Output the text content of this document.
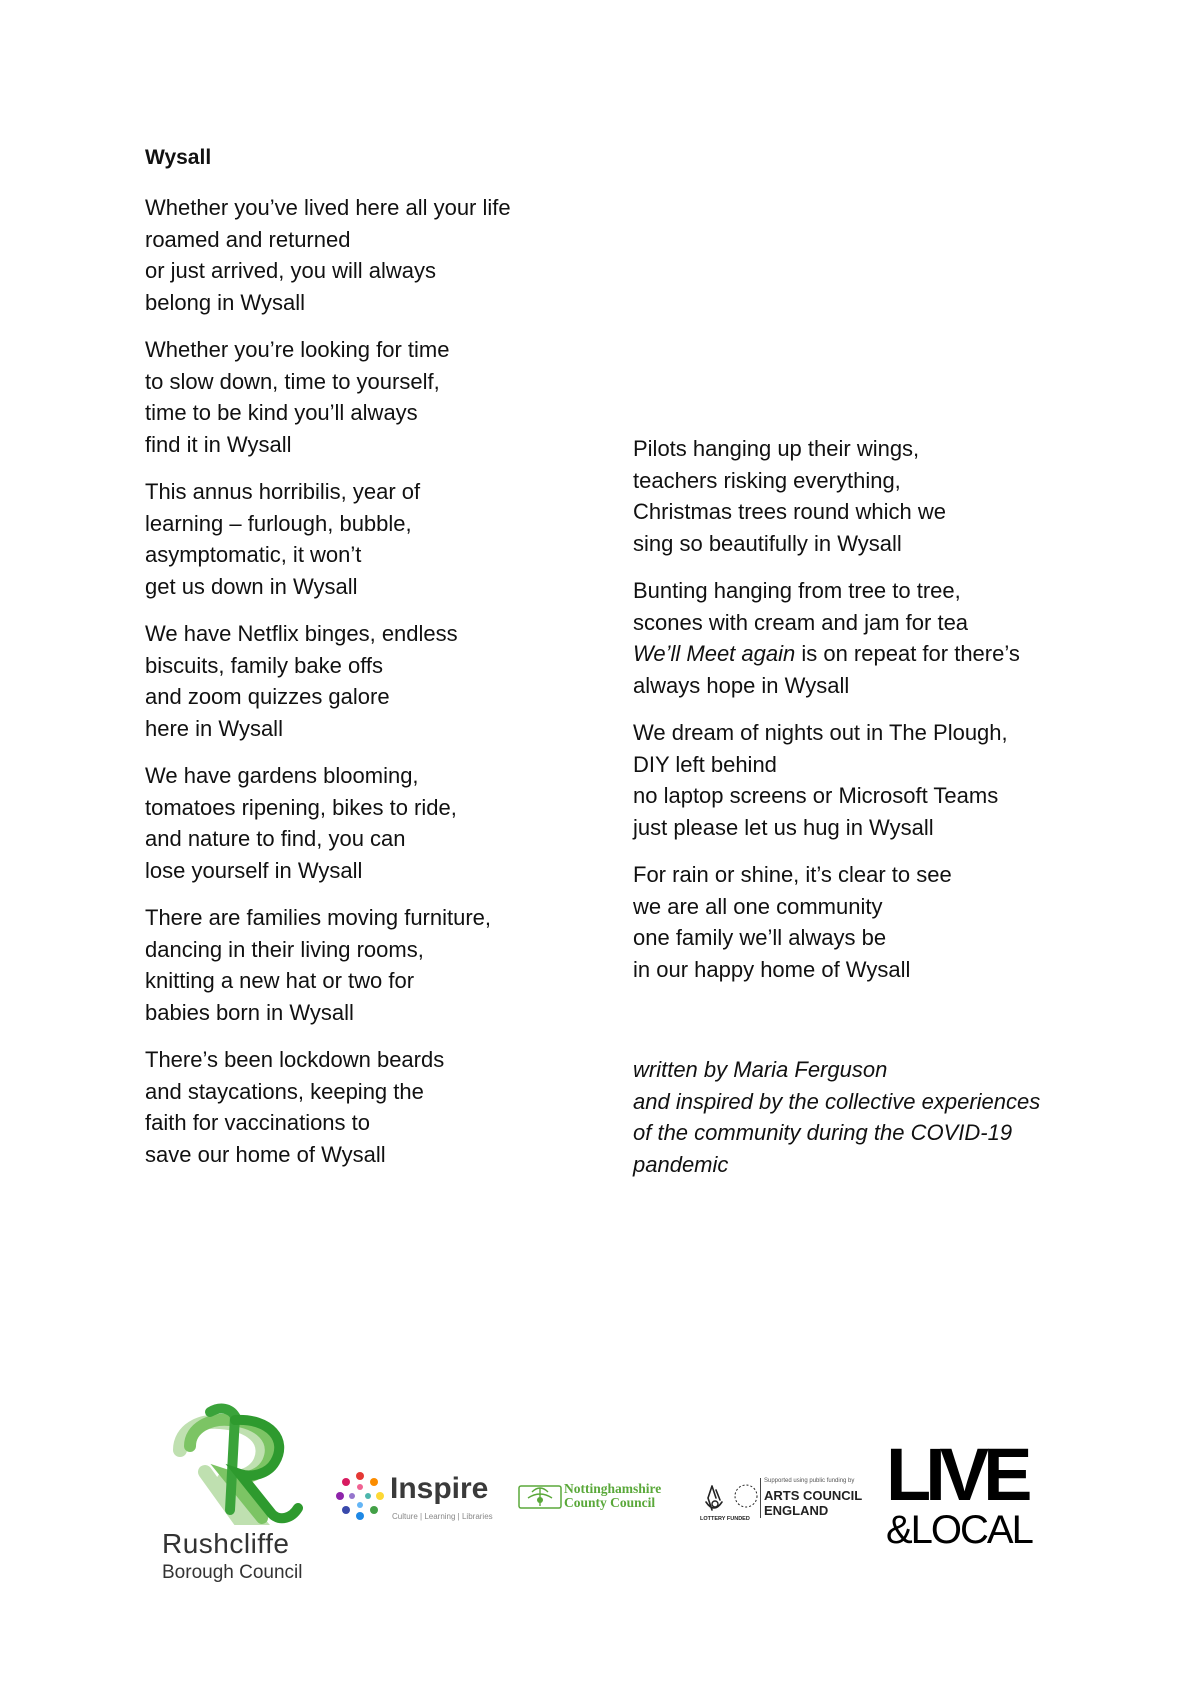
Wysall
Whether you’ve lived here all your life
roamed and returned
or just arrived, you will always
belong in Wysall
Whether you’re looking for time
to slow down, time to yourself,
time to be kind you’ll always
find it in Wysall
This annus horribilis, year of
learning – furlough, bubble,
asymptomatic, it won’t
get us down in Wysall
We have Netflix binges, endless
biscuits, family bake offs
and zoom quizzes galore
here in Wysall
We have gardens blooming,
tomatoes ripening, bikes to ride,
and nature to find, you can
lose yourself in Wysall
There are families moving furniture,
dancing in their living rooms,
knitting a new hat or two for
babies born in Wysall
There’s been lockdown beards
and staycations, keeping the
faith for vaccinations to
save our home of Wysall
Pilots hanging up their wings,
teachers risking everything,
Christmas trees round which we
sing so beautifully in Wysall
Bunting hanging from tree to tree,
scones with cream and jam for tea
We’ll Meet again is on repeat for there’s
always hope in Wysall
We dream of nights out in The Plough,
DIY left behind
no laptop screens or Microsoft Teams
just please let us hug in Wysall
For rain or shine, it’s clear to see
we are all one community
one family we’ll always be
in our happy home of Wysall
written by Maria Ferguson
and inspired by the collective experiences
of the community during the COVID-19
pandemic
Rushcliffe
Borough Council
Inspire
Culture | Learning | Libraries
Nottinghamshire
County Council
Supported using public funding by
ARTS COUNCIL
ENGLAND
LOTTERY FUNDED
LIVE
&LOCAL
